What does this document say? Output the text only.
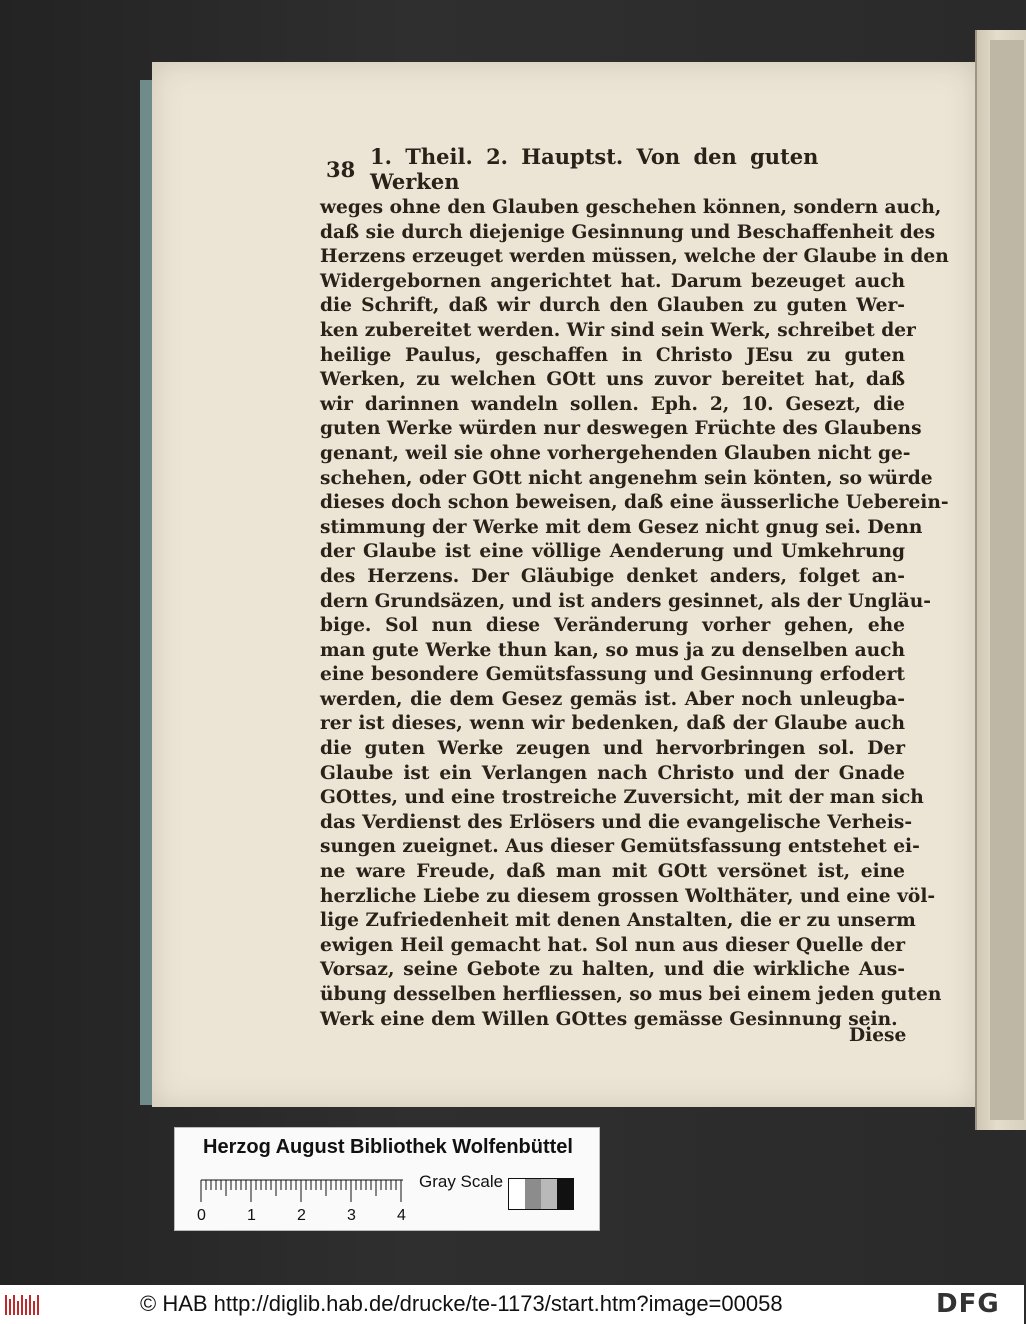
38 1. Theil. 2. Hauptst. Von den guten Werken
weges ohne den Glauben geschehen können, sondern auch,
daß sie durch diejenige Gesinnung und Beschaffenheit des
Herzens erzeuget werden müssen, welche der Glaube in den
Widergebornen angerichtet hat. Darum bezeuget auch
die Schrift, daß wir durch den Glauben zu guten Wer-
ken zubereitet werden. Wir sind sein Werk, schreibet der
heilige Paulus, geschaffen in Christo JEsu zu guten
Werken, zu welchen GOtt uns zuvor bereitet hat, daß
wir darinnen wandeln sollen. Eph. 2, 10. Gesezt, die
guten Werke würden nur deswegen Früchte des Glaubens
genant, weil sie ohne vorhergehenden Glauben nicht ge-
schehen, oder GOtt nicht angenehm sein könten, so würde
dieses doch schon beweisen, daß eine äusserliche Ueberein-
stimmung der Werke mit dem Gesez nicht gnug sei. Denn
der Glaube ist eine völlige Aenderung und Umkehrung
des Herzens. Der Gläubige denket anders, folget an-
dern Grundsäzen, und ist anders gesinnet, als der Ungläu-
bige. Sol nun diese Veränderung vorher gehen, ehe
man gute Werke thun kan, so mus ja zu denselben auch
eine besondere Gemütsfassung und Gesinnung erfodert
werden, die dem Gesez gemäs ist. Aber noch unleugba-
rer ist dieses, wenn wir bedenken, daß der Glaube auch
die guten Werke zeugen und hervorbringen sol. Der
Glaube ist ein Verlangen nach Christo und der Gnade
GOttes, und eine trostreiche Zuversicht, mit der man sich
das Verdienst des Erlösers und die evangelische Verheis-
sungen zueignet. Aus dieser Gemütsfassung entstehet ei-
ne ware Freude, daß man mit GOtt versönet ist, eine
herzliche Liebe zu diesem grossen Wolthäter, und eine völ-
lige Zufriedenheit mit denen Anstalten, die er zu unserm
ewigen Heil gemacht hat. Sol nun aus dieser Quelle der
Vorsaz, seine Gebote zu halten, und die wirkliche Aus-
übung desselben herfliessen, so mus bei einem jeden guten
Werk eine dem Willen GOttes gemässe Gesinnung sein.
Diese
Herzog August Bibliothek Wolfenbüttel
0	1	2	3	4
Gray Scale
© HAB http://diglib.hab.de/drucke/te-1173/start.htm?image=00058	DFG
